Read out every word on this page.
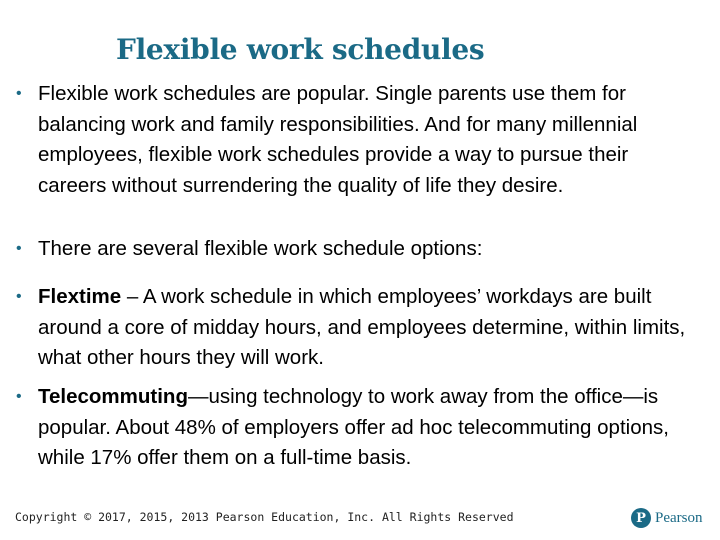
Flexible work schedules
• Flexible work schedules are popular. Single parents use them for balancing work and family responsibilities. And for many millennial employees, flexible work schedules provide a way to pursue their careers without surrendering the quality of life they desire.
• There are several flexible work schedule options:
• Flextime – A work schedule in which employees’ workdays are built around a core of midday hours, and employees determine, within limits, what other hours they will work.
• Telecommuting—using technology to work away from the office—is popular. About 48% of employers offer ad hoc telecommuting options, while 17% offer them on a full-time basis.
Copyright © 2017, 2015, 2013 Pearson Education, Inc. All Rights Reserved	P Pearson
